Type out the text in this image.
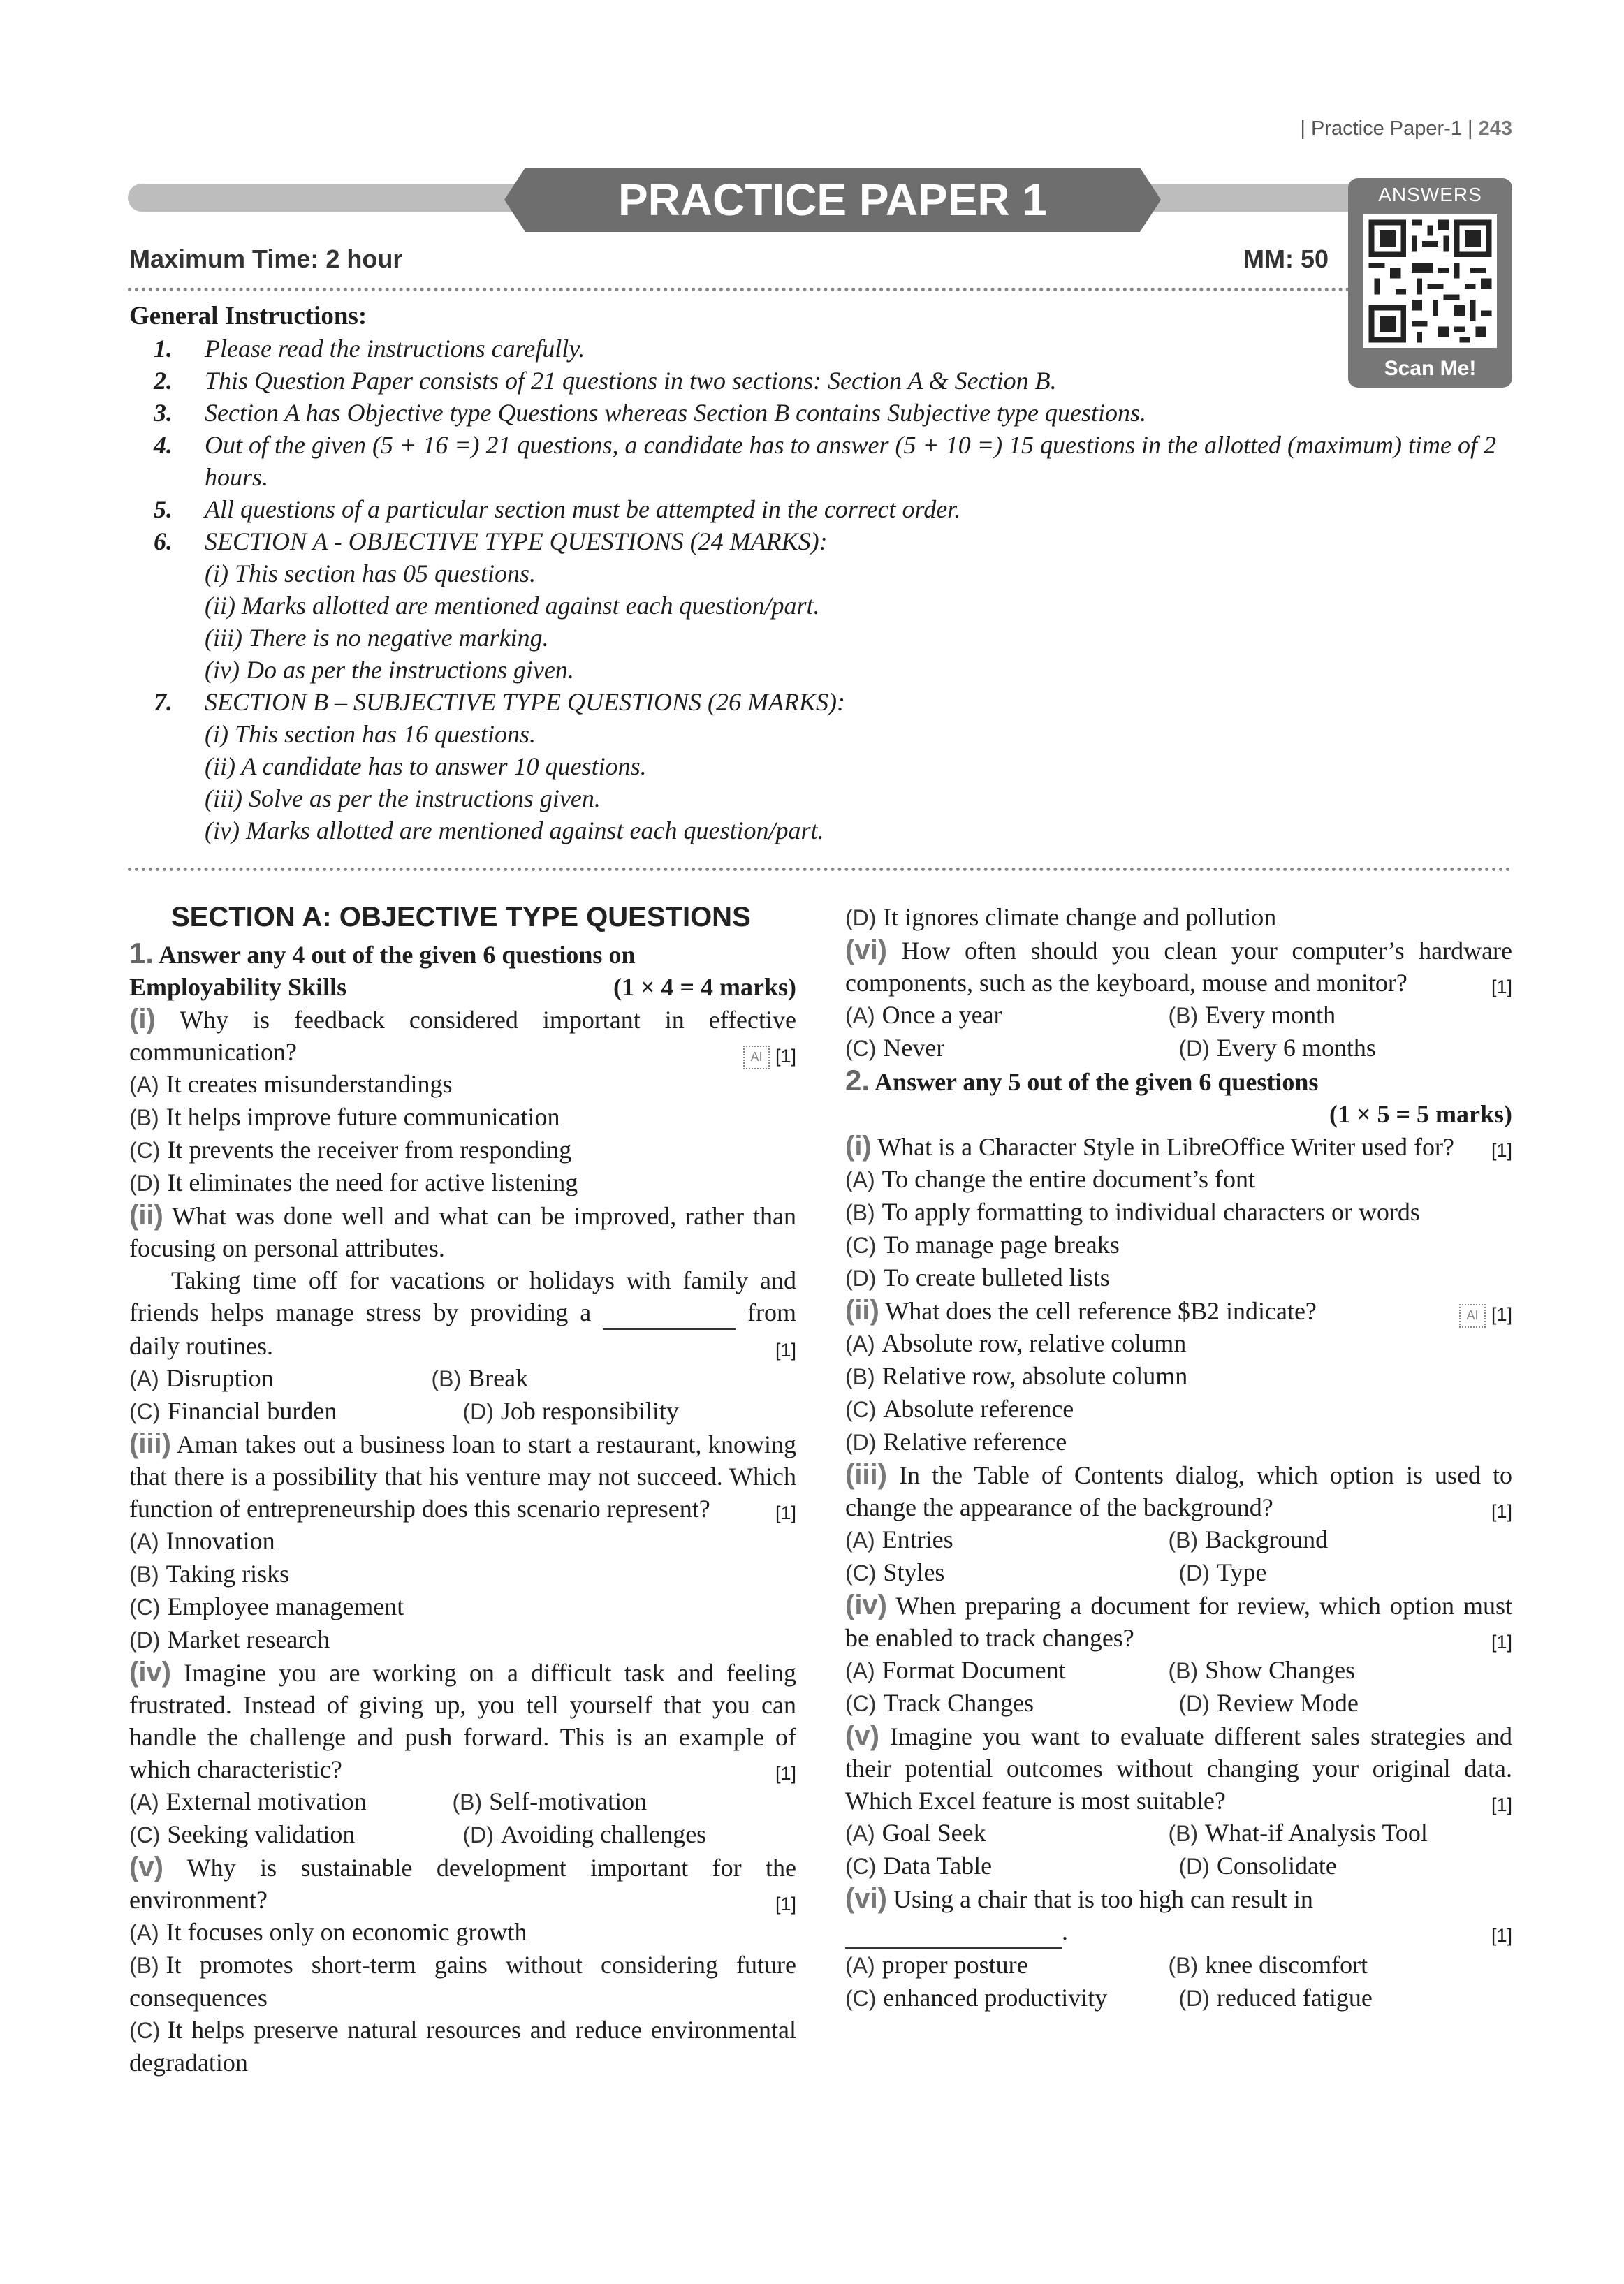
| Practice Paper-1 | 243
PRACTICE PAPER 1
Maximum Time: 2 hour	MM: 50
ANSWERS
Scan Me!
General Instructions:
1. Please read the instructions carefully.
2. This Question Paper consists of 21 questions in two sections: Section A & Section B.
3. Section A has Objective type Questions whereas Section B contains Subjective type questions.
4. Out of the given (5 + 16 =) 21 questions, a candidate has to answer (5 + 10 =) 15 questions in the allotted (maximum) time of 2 hours.
5. All questions of a particular section must be attempted in the correct order.
6. SECTION A - OBJECTIVE TYPE QUESTIONS (24 MARKS):
(i) This section has 05 questions.
(ii) Marks allotted are mentioned against each question/part.
(iii) There is no negative marking.
(iv) Do as per the instructions given.
7. SECTION B – SUBJECTIVE TYPE QUESTIONS (26 MARKS):
(i) This section has 16 questions.
(ii) A candidate has to answer 10 questions.
(iii) Solve as per the instructions given.
(iv) Marks allotted are mentioned against each question/part.
SECTION A: OBJECTIVE TYPE QUESTIONS
1. Answer any 4 out of the given 6 questions on
Employability Skills	(1 × 4 = 4 marks)
(i) Why is feedback considered important in effective communication?	AI [1]
(A) It creates misunderstandings
(B) It helps improve future communication
(C) It prevents the receiver from responding
(D) It eliminates the need for active listening
(ii) What was done well and what can be improved, rather than focusing on personal attributes.
Taking time off for vacations or holidays with family and friends helps manage stress by providing a	from daily routines.	[1]
(A) Disruption	(B) Break
(C) Financial burden	(D) Job responsibility
(iii) Aman takes out a business loan to start a restaurant, knowing that there is a possibility that his venture may not succeed. Which function of entrepreneurship does this scenario represent?	[1]
(A) Innovation
(B) Taking risks
(C) Employee management
(D) Market research
(iv) Imagine you are working on a difficult task and feeling frustrated. Instead of giving up, you tell yourself that you can handle the challenge and push forward. This is an example of which characteristic?	[1]
(A) External motivation	(B) Self-motivation
(C) Seeking validation	(D) Avoiding challenges
(v) Why is sustainable development important for the environment?	[1]
(A) It focuses only on economic growth
(B) It promotes short-term gains without considering future consequences
(C) It helps preserve natural resources and reduce environmental degradation
(D) It ignores climate change and pollution
(vi) How often should you clean your computer’s hardware components, such as the keyboard, mouse and monitor?	[1]
(A) Once a year	(B) Every month
(C) Never	(D) Every 6 months
2. Answer any 5 out of the given 6 questions
(1 × 5 = 5 marks)
(i) What is a Character Style in LibreOffice Writer used for? [1]
(A) To change the entire document’s font
(B) To apply formatting to individual characters or words
(C) To manage page breaks
(D) To create bulleted lists
(ii) What does the cell reference $B2 indicate?	AI [1]
(A) Absolute row, relative column
(B) Relative row, absolute column
(C) Absolute reference
(D) Relative reference
(iii) In the Table of Contents dialog, which option is used to change the appearance of the background?	[1]
(A) Entries	(B) Background
(C) Styles	(D) Type
(iv) When preparing a document for review, which option must be enabled to track changes?	[1]
(A) Format Document	(B) Show Changes
(C) Track Changes	(D) Review Mode
(v) Imagine you want to evaluate different sales strategies and their potential outcomes without changing your original data. Which Excel feature is most suitable?	[1]
(A) Goal Seek	(B) What-if Analysis Tool
(C) Data Table	(D) Consolidate
(vi) Using a chair that is too high can result in
.	[1]
(A) proper posture	(B) knee discomfort
(C) enhanced productivity	(D) reduced fatigue
